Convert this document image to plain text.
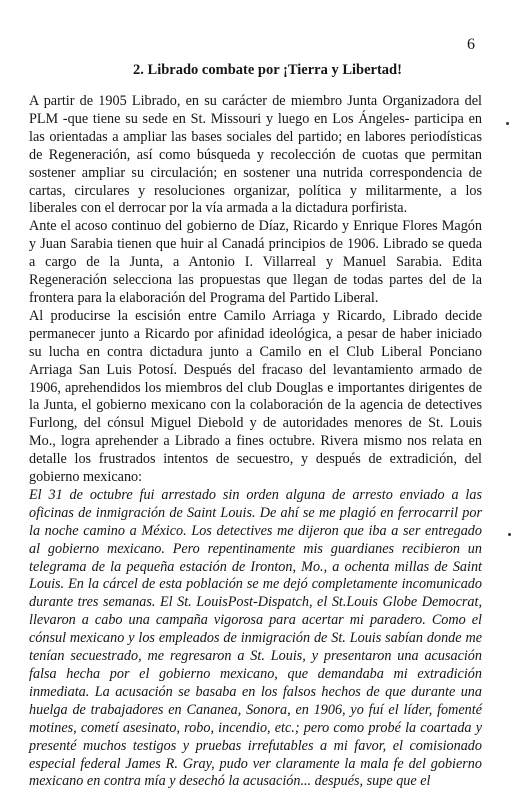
6
2. Librado combate por ¡Tierra y Libertad!

A partir de 1905 Librado, en su carácter de miembro Junta Organizadora del PLM -que tiene su sede en St. Missouri y luego en Los Ángeles- participa en las orientadas a ampliar las bases sociales del partido; en labores periodísticas de Regeneración, así como búsqueda y recolección de cuotas que permitan sostener ampliar su circulación; en sostener una nutrida correspondencia de cartas, circulares y resoluciones organizar, política y militarmente, a los liberales con el derrocar por la vía armada a la dictadura porfirista.

Ante el acoso continuo del gobierno de Díaz, Ricardo y Enrique Flores Magón y Juan Sarabia tienen que huir al Canadá principios de 1906. Librado se queda a cargo de la Junta, a Antonio I. Villarreal y Manuel Sarabia. Edita Regeneración selecciona las propuestas que llegan de todas partes del de la frontera para la elaboración del Programa del Partido Liberal.

Al producirse la escisión entre Camilo Arriaga y Ricardo, Librado decide permanecer junto a Ricardo por afinidad ideológica, a pesar de haber iniciado su lucha en contra dictadura junto a Camilo en el Club Liberal Ponciano Arriaga San Luis Potosí. Después del fracaso del levantamiento armado de 1906, aprehendidos los miembros del club Douglas e importantes dirigentes de la Junta, el gobierno mexicano con la colaboración de la agencia de detectives Furlong, del cónsul Miguel Diebold y de autoridades menores de St. Louis Mo., logra aprehender a Librado a fines octubre. Rivera mismo nos relata en detalle los frustrados intentos de secuestro, y después de extradición, del gobierno mexicano:

El 31 de octubre fui arrestado sin orden alguna de arresto enviado a las oficinas de inmigración de Saint Louis. De ahí se me plagió en ferrocarril por la noche camino a México. Los detectives me dijeron que iba a ser entregado al gobierno mexicano. Pero repentinamente mis guardianes recibieron un telegrama de la pequeña estación de Ironton, Mo., a ochenta millas de Saint Louis. En la cárcel de esta población se me dejó completamente incomunicado durante tres semanas. El St. LouisPost-Dispatch, el St.Louis Globe Democrat, llevaron a cabo una campaña vigorosa para acertar mi paradero. Como el cónsul mexicano y los empleados de inmigración de St. Louis sabían donde me tenían secuestrado, me regresaron a St. Louis, y presentaron una acusación falsa hecha por el gobierno mexicano, que demandaba mi extradición inmediata. La acusación se basaba en los falsos hechos de que durante una huelga de trabajadores en Cananea, Sonora, en 1906, yo fuí el líder, fomenté motines, cometí asesinato, robo, incendio, etc.; pero como probé la coartada y presenté muchos testigos y pruebas irrefutables a mi favor, el comisionado especial federal James R. Gray, pudo ver claramente la mala fe del gobierno mexicano en contra mía y desechó la acusación... después, supe que el
